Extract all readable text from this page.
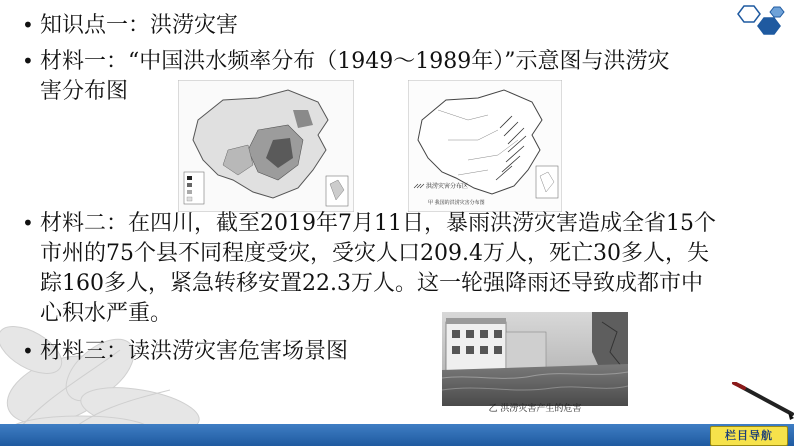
• 知识点一：洪涝灾害

• 材料一：“中国洪水频率分布（1949～1989年）”示意图与洪涝灾
害分布图

洪涝灾害分布区
甲 我国的洪涝灾害分布图

• 材料二：在四川，截至2019年7月11日，暴雨洪涝灾害造成全省15个
市州的75个县不同程度受灾，受灾人口209.4万人，死亡30多人，失
踪160多人，紧急转移安置22.3万人。这一轮强降雨还导致成都市中
心积水严重。

• 材料三：读洪涝灾害危害场景图

乙 洪涝灾害产生的危害
栏目导航
